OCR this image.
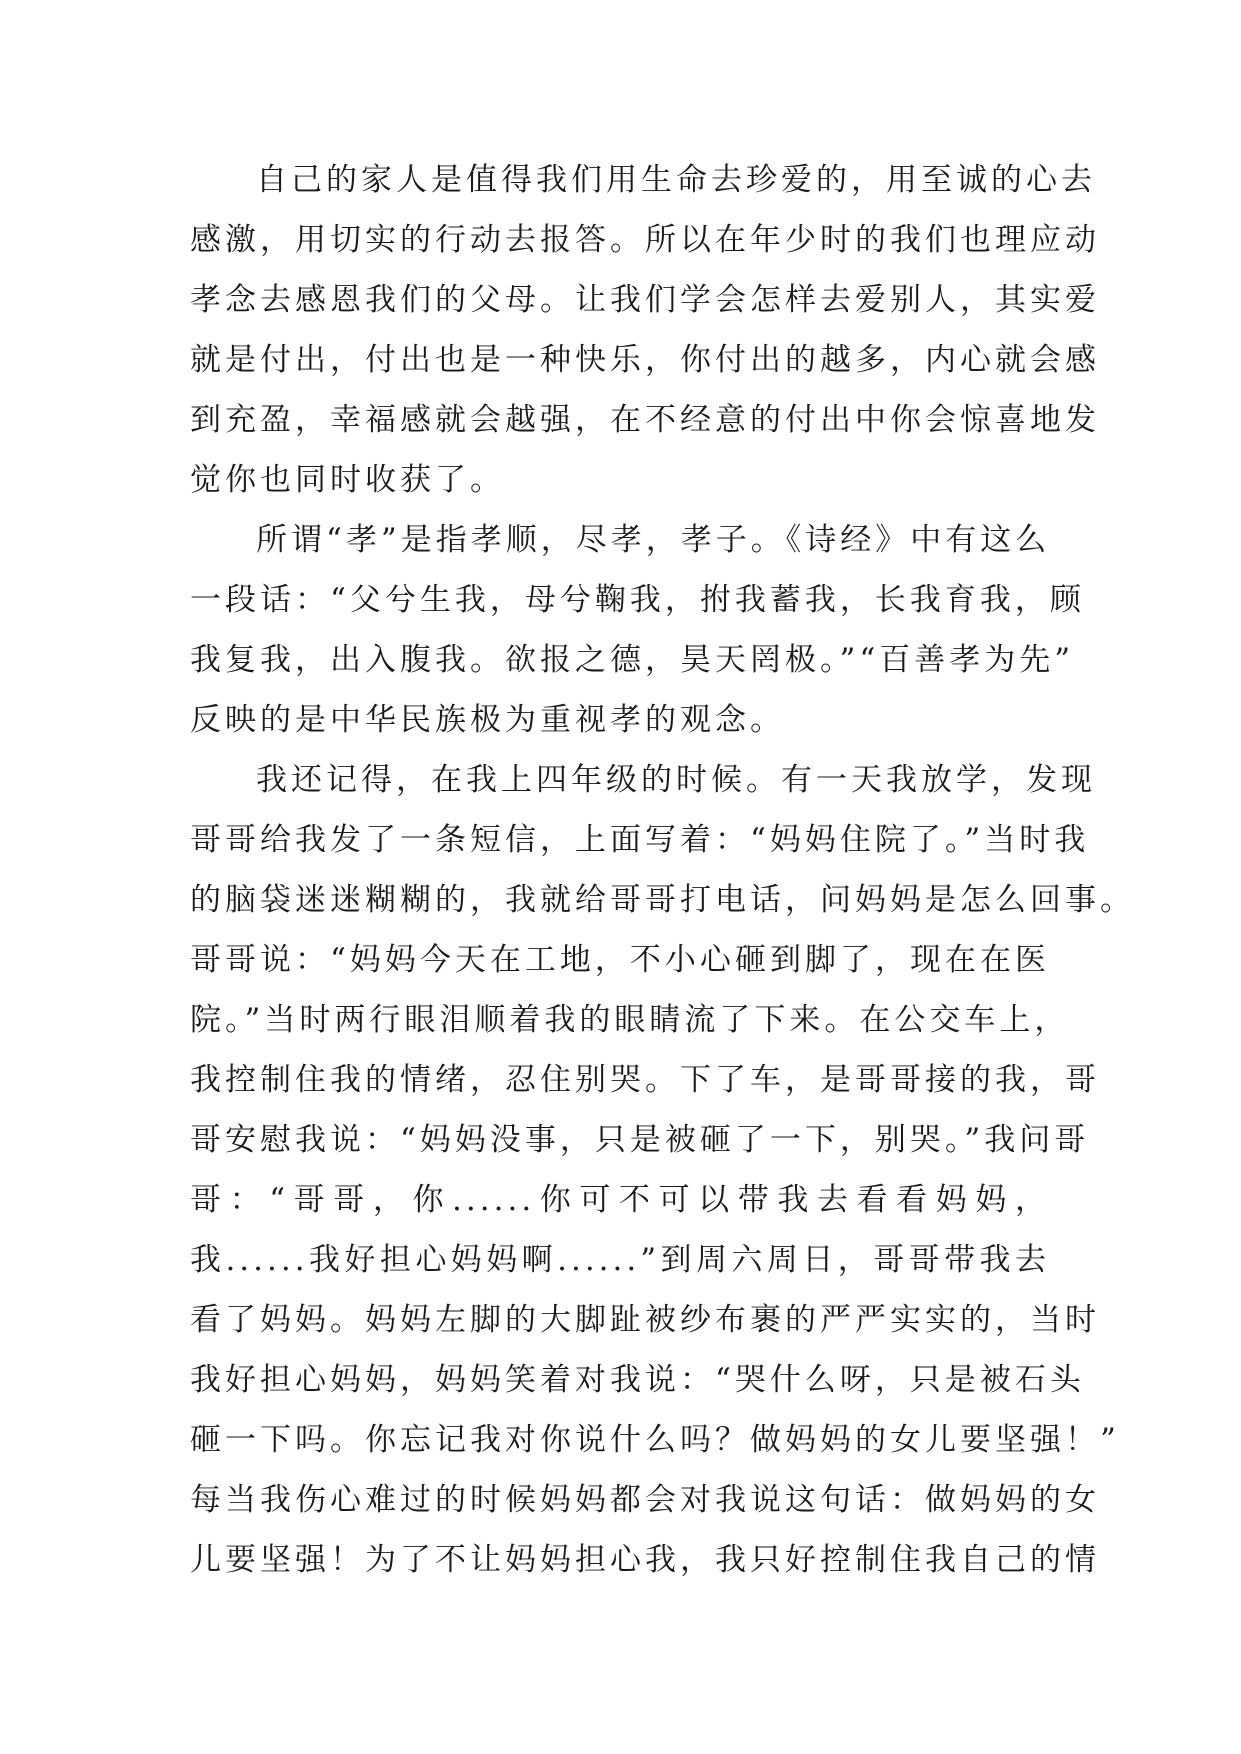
自己的家人是值得我们用生命去珍爱的，用至诚的心去
感激，用切实的行动去报答。所以在年少时的我们也理应动
孝念去感恩我们的父母。让我们学会怎样去爱别人，其实爱
就是付出，付出也是一种快乐，你付出的越多，内心就会感
到充盈，幸福感就会越强，在不经意的付出中你会惊喜地发
觉你也同时收获了。
所谓“孝”是指孝顺，尽孝，孝子。《诗经》中有这么
一段话：“父兮生我，母兮鞠我，拊我蓄我，长我育我，顾
我复我，出入腹我。欲报之德，昊天罔极。”“百善孝为先”
反映的是中华民族极为重视孝的观念。
我还记得，在我上四年级的时候。有一天我放学，发现
哥哥给我发了一条短信，上面写着：“妈妈住院了。”当时我
的脑袋迷迷糊糊的，我就给哥哥打电话，问妈妈是怎么回事。
哥哥说：“妈妈今天在工地，不小心砸到脚了，现在在医
院。”当时两行眼泪顺着我的眼睛流了下来。在公交车上，
我控制住我的情绪，忍住别哭。下了车，是哥哥接的我，哥
哥安慰我说：“妈妈没事，只是被砸了一下，别哭。”我问哥
哥：“哥哥，你......你可不可以带我去看看妈妈，
我......我好担心妈妈啊......”到周六周日，哥哥带我去
看了妈妈。妈妈左脚的大脚趾被纱布裹的严严实实的，当时
我好担心妈妈，妈妈笑着对我说：“哭什么呀，只是被石头
砸一下吗。你忘记我对你说什么吗？做妈妈的女儿要坚强！”
每当我伤心难过的时候妈妈都会对我说这句话：做妈妈的女
儿要坚强！为了不让妈妈担心我，我只好控制住我自己的情
